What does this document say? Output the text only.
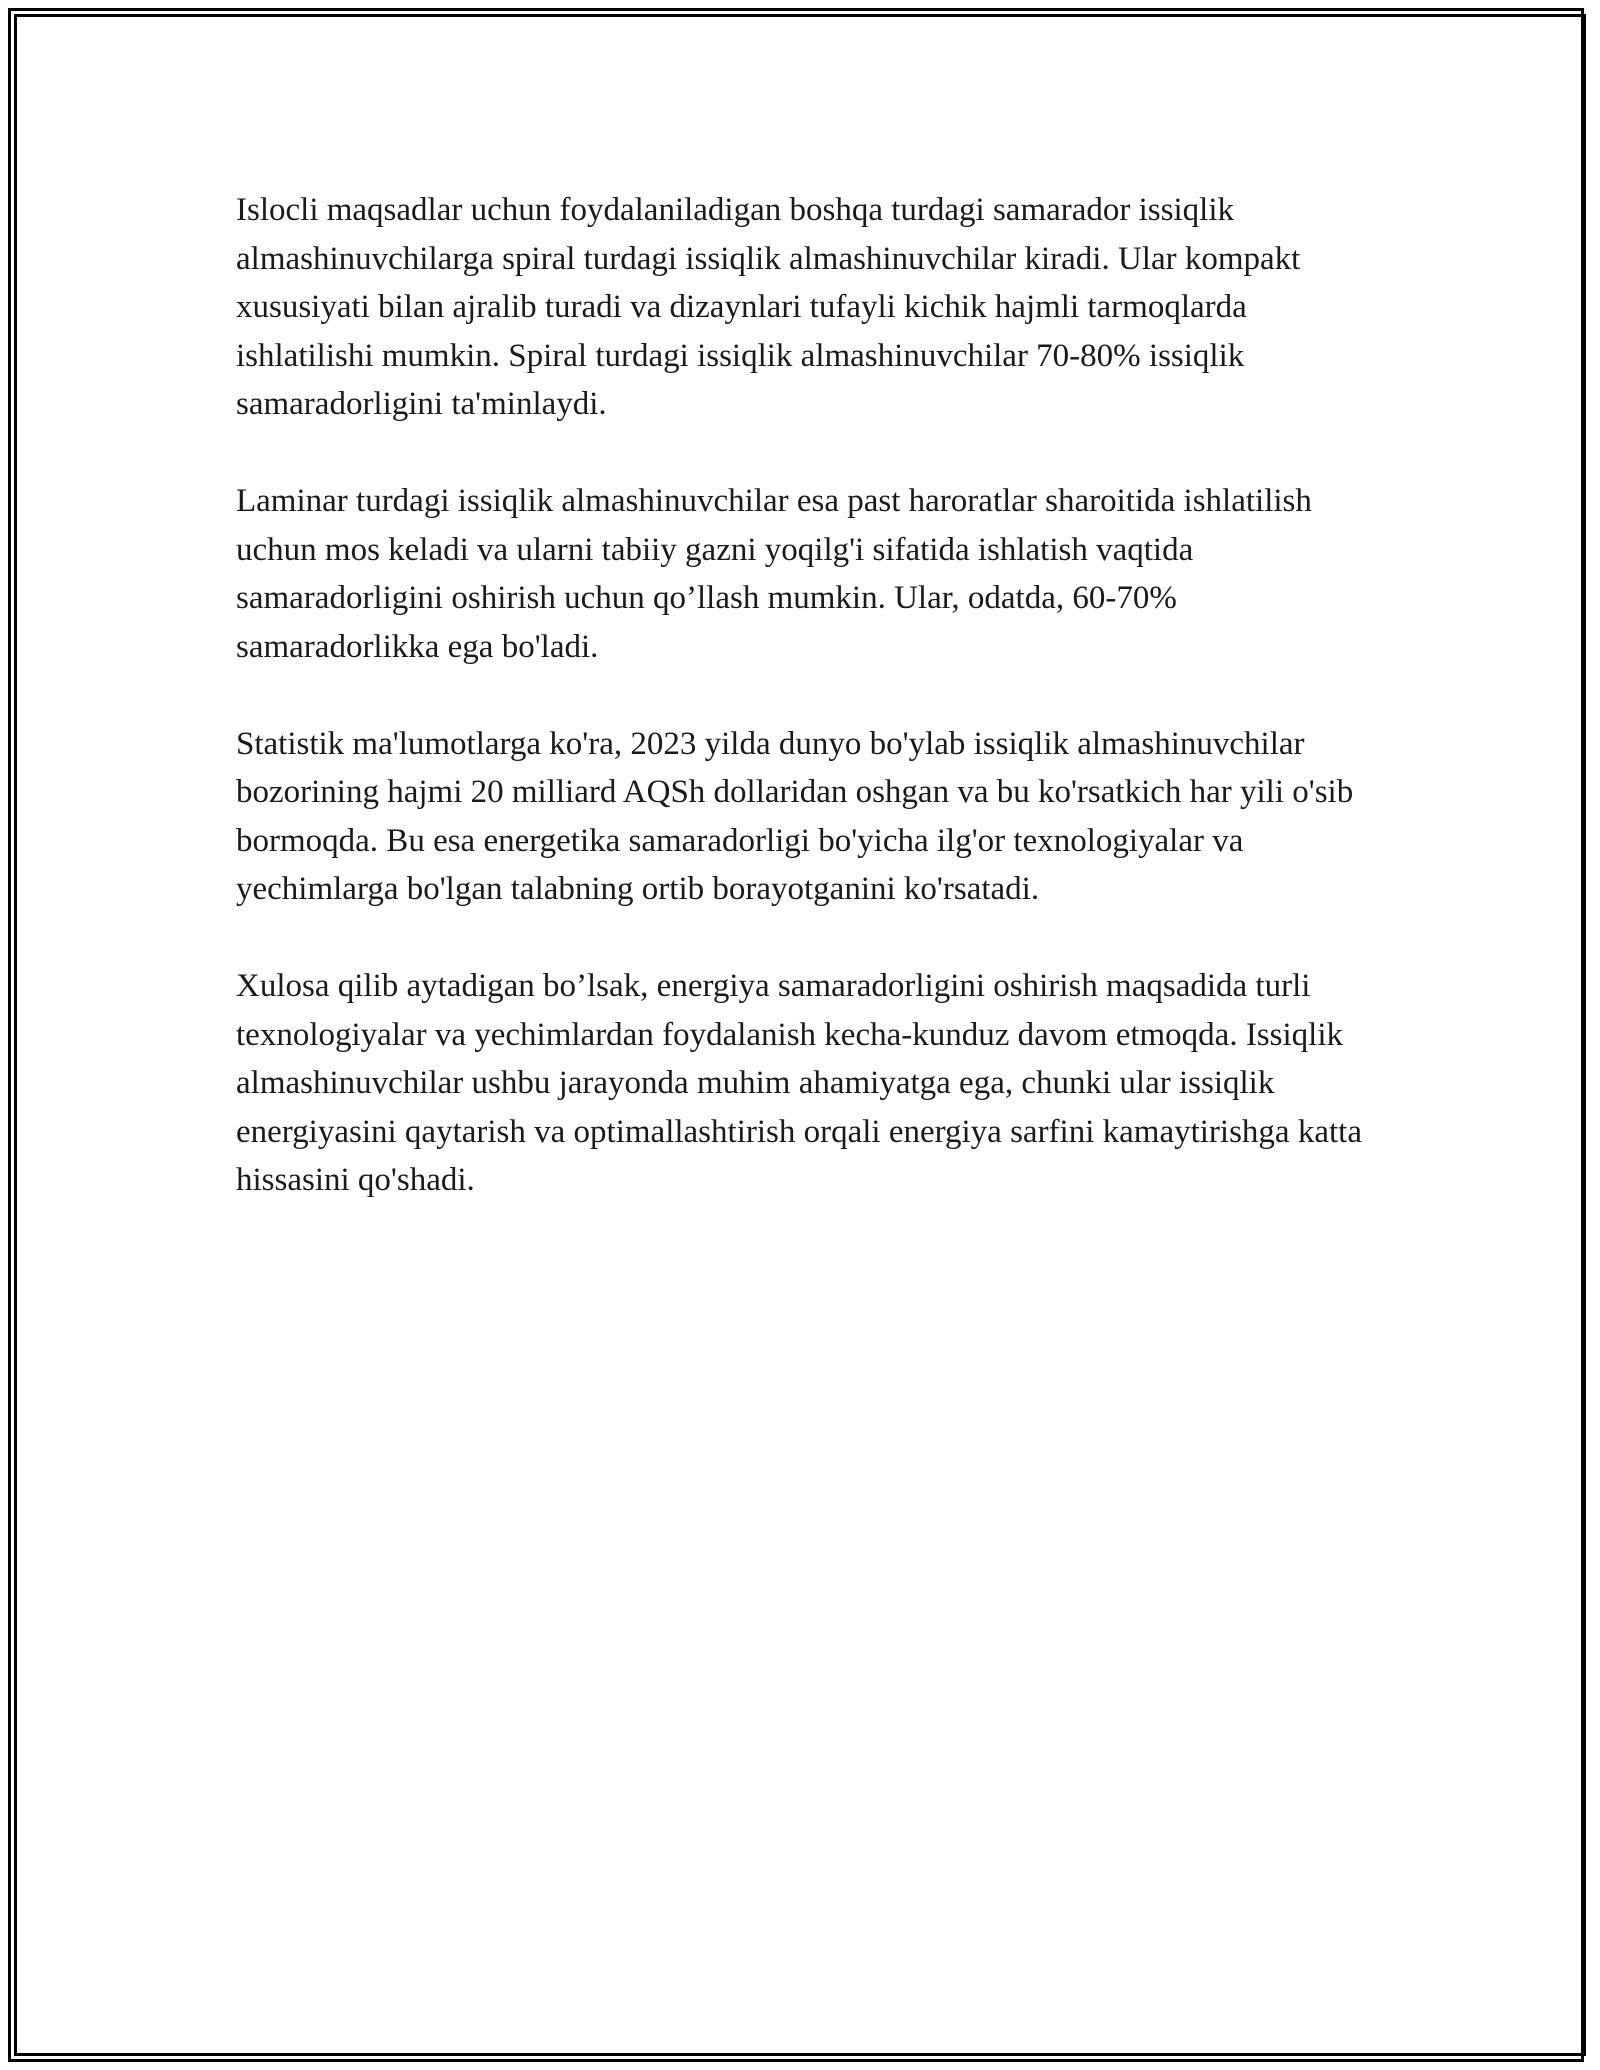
Islocli maqsadlar uchun foydalaniladigan boshqa turdagi samarador issiqlik almashinuvchilarga spiral turdagi issiqlik almashinuvchilar kiradi. Ular kompakt xususiyati bilan ajralib turadi va dizaynlari tufayli kichik hajmli tarmoqlarda ishlatilishi mumkin. Spiral turdagi issiqlik almashinuvchilar 70-80% issiqlik samaradorligini ta'minlaydi.

Laminar turdagi issiqlik almashinuvchilar esa past haroratlar sharoitida ishlatilish uchun mos keladi va ularni tabiiy gazni yoqilg'i sifatida ishlatish vaqtida samaradorligini oshirish uchun qo’llash mumkin. Ular, odatda, 60-70% samaradorlikka ega bo'ladi.

Statistik ma'lumotlarga ko'ra, 2023 yilda dunyo bo'ylab issiqlik almashinuvchilar bozorining hajmi 20 milliard AQSh dollaridan oshgan va bu ko'rsatkich har yili o'sib bormoqda. Bu esa energetika samaradorligi bo'yicha ilg'or texnologiyalar va yechimlarga bo'lgan talabning ortib borayotganini ko'rsatadi.

Xulosa qilib aytadigan bo’lsak, energiya samaradorligini oshirish maqsadida turli texnologiyalar va yechimlardan foydalanish kecha-kunduz davom etmoqda. Issiqlik almashinuvchilar ushbu jarayonda muhim ahamiyatga ega, chunki ular issiqlik energiyasini qaytarish va optimallashtirish orqali energiya sarfini kamaytirishga katta hissasini qo'shadi.
